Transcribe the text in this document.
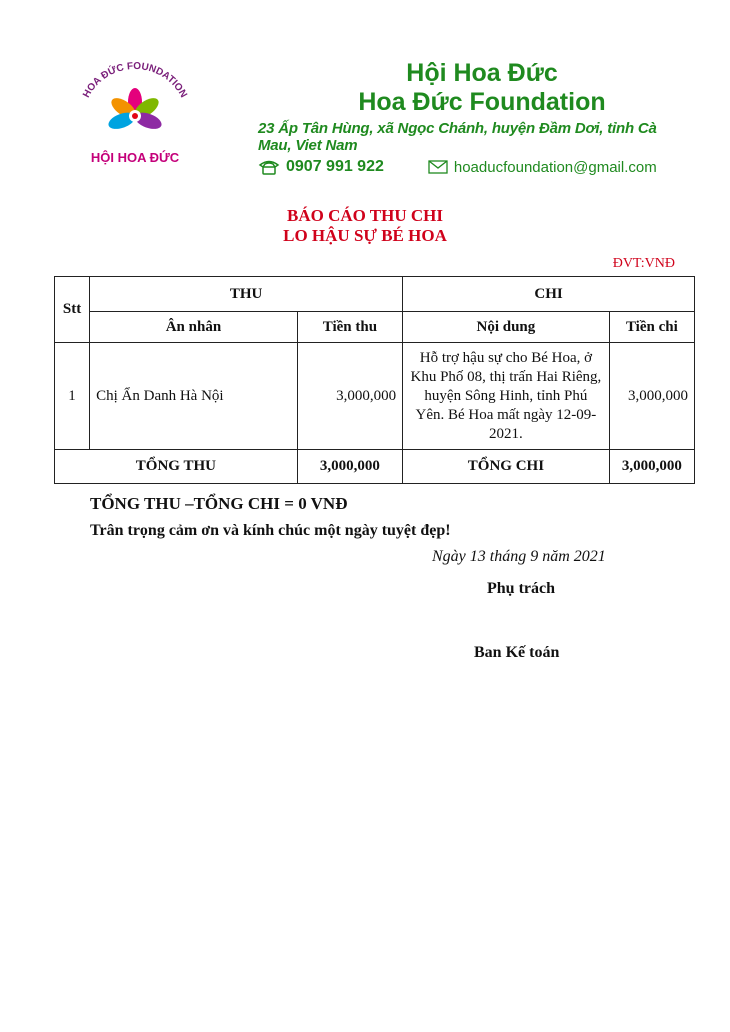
HOA ĐỨC FOUNDATION
HỘI HOA ĐỨC
Hội Hoa Đức
Hoa Đức Foundation
23 Ấp Tân Hùng, xã Ngọc Chánh, huyện Đầm Dơi, tỉnh Cà Mau, Viet Nam
0907 991 922	hoaducfoundation@gmail.com
BÁO CÁO THU CHI
LO HẬU SỰ BÉ HOA
ĐVT:VNĐ
Stt	THU		CHI	
	Ân nhân	Tiền thu	Nội dung	Tiền chi
1	Chị Ẩn Danh Hà Nội	3,000,000	Hỗ trợ hậu sự cho Bé Hoa, ở Khu Phố 08, thị trấn Hai Riêng, huyện Sông Hinh, tỉnh Phú Yên. Bé Hoa mất ngày 12-09-2021.	3,000,000
TỔNG THU		3,000,000	TỔNG CHI	3,000,000
TỔNG THU –TỔNG CHI = 0 VNĐ
Trân trọng cảm ơn và kính chúc một ngày tuyệt đẹp!
Ngày 13 tháng 9 năm 2021
Phụ trách
Ban Kế toán
